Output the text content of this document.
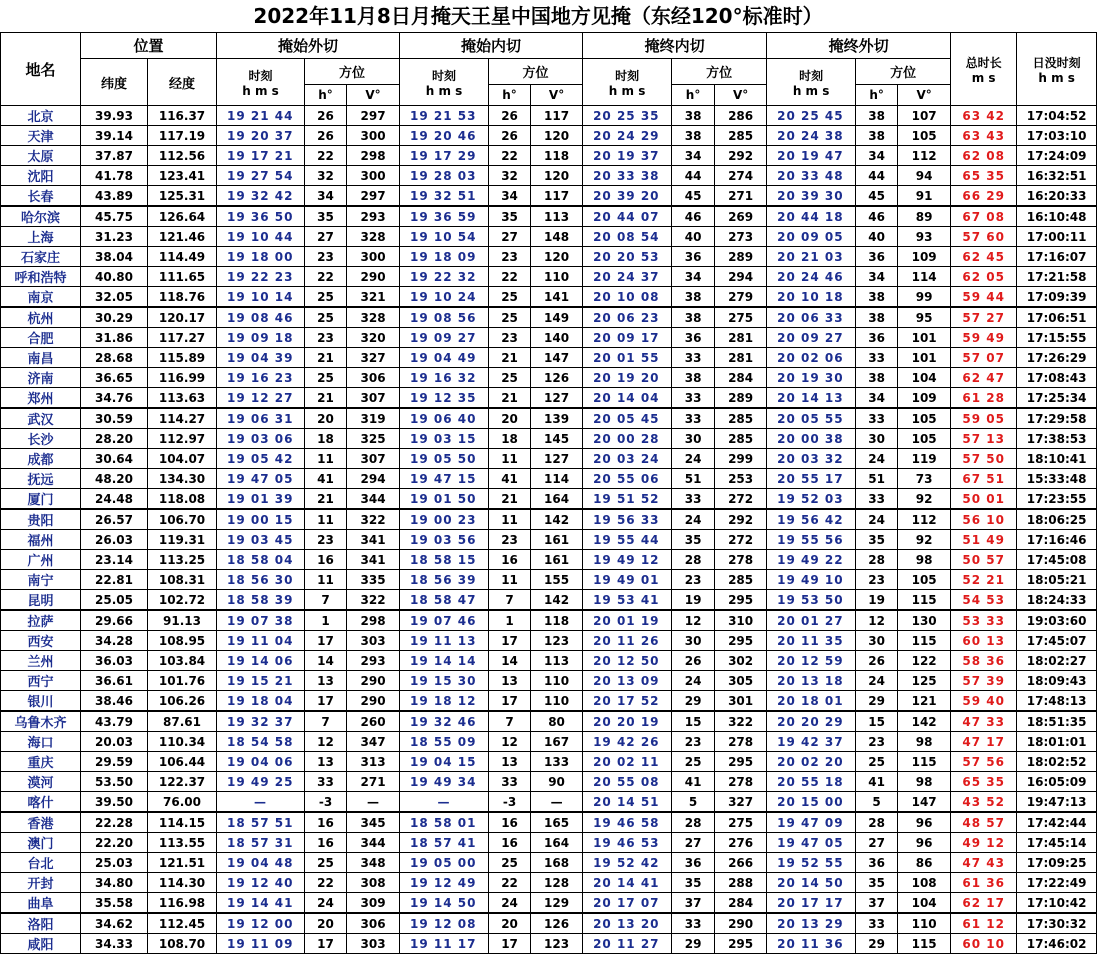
2022年11月8日月掩天王星中国地方见掩（东经120°标准时）
地名	位置		掩始外切			掩始内切			掩终内切			掩终外切			总时长
m s	日没时刻
h m s

	纬度	经度	时刻
h m s	方位		时刻
h m s	方位		时刻
h m s	方位		时刻
h m s	方位			
				h°	V°		h°	V°		h°	V°		h°	V°		
北京	39.93	116.37	19 21 44	26	297	19 21 53	26	117	20 25 35	38	286	20 25 45	38	107	63 42	17:04:52
天津	39.14	117.19	19 20 37	26	300	19 20 46	26	120	20 24 29	38	285	20 24 38	38	105	63 43	17:03:10
太原	37.87	112.56	19 17 21	22	298	19 17 29	22	118	20 19 37	34	292	20 19 47	34	112	62 08	17:24:09
沈阳	41.78	123.41	19 27 54	32	300	19 28 03	32	120	20 33 38	44	274	20 33 48	44	94	65 35	16:32:51
长春	43.89	125.31	19 32 42	34	297	19 32 51	34	117	20 39 20	45	271	20 39 30	45	91	66 29	16:20:33
哈尔滨	45.75	126.64	19 36 50	35	293	19 36 59	35	113	20 44 07	46	269	20 44 18	46	89	67 08	16:10:48
上海	31.23	121.46	19 10 44	27	328	19 10 54	27	148	20 08 54	40	273	20 09 05	40	93	57 60	17:00:11
石家庄	38.04	114.49	19 18 00	23	300	19 18 09	23	120	20 20 53	36	289	20 21 03	36	109	62 45	17:16:07
呼和浩特	40.80	111.65	19 22 23	22	290	19 22 32	22	110	20 24 37	34	294	20 24 46	34	114	62 05	17:21:58
南京	32.05	118.76	19 10 14	25	321	19 10 24	25	141	20 10 08	38	279	20 10 18	38	99	59 44	17:09:39
杭州	30.29	120.17	19 08 46	25	328	19 08 56	25	149	20 06 23	38	275	20 06 33	38	95	57 27	17:06:51
合肥	31.86	117.27	19 09 18	23	320	19 09 27	23	140	20 09 17	36	281	20 09 27	36	101	59 49	17:15:55
南昌	28.68	115.89	19 04 39	21	327	19 04 49	21	147	20 01 55	33	281	20 02 06	33	101	57 07	17:26:29
济南	36.65	116.99	19 16 23	25	306	19 16 32	25	126	20 19 20	38	284	20 19 30	38	104	62 47	17:08:43
郑州	34.76	113.63	19 12 27	21	307	19 12 35	21	127	20 14 04	33	289	20 14 13	34	109	61 28	17:25:34
武汉	30.59	114.27	19 06 31	20	319	19 06 40	20	139	20 05 45	33	285	20 05 55	33	105	59 05	17:29:58
长沙	28.20	112.97	19 03 06	18	325	19 03 15	18	145	20 00 28	30	285	20 00 38	30	105	57 13	17:38:53
成都	30.64	104.07	19 05 42	11	307	19 05 50	11	127	20 03 24	24	299	20 03 32	24	119	57 50	18:10:41
抚远	48.20	134.30	19 47 05	41	294	19 47 15	41	114	20 55 06	51	253	20 55 17	51	73	67 51	15:33:48
厦门	24.48	118.08	19 01 39	21	344	19 01 50	21	164	19 51 52	33	272	19 52 03	33	92	50 01	17:23:55
贵阳	26.57	106.70	19 00 15	11	322	19 00 23	11	142	19 56 33	24	292	19 56 42	24	112	56 10	18:06:25
福州	26.03	119.31	19 03 45	23	341	19 03 56	23	161	19 55 44	35	272	19 55 56	35	92	51 49	17:16:46
广州	23.14	113.25	18 58 04	16	341	18 58 15	16	161	19 49 12	28	278	19 49 22	28	98	50 57	17:45:08
南宁	22.81	108.31	18 56 30	11	335	18 56 39	11	155	19 49 01	23	285	19 49 10	23	105	52 21	18:05:21
昆明	25.05	102.72	18 58 39	7	322	18 58 47	7	142	19 53 41	19	295	19 53 50	19	115	54 53	18:24:33
拉萨	29.66	91.13	19 07 38	1	298	19 07 46	1	118	20 01 19	12	310	20 01 27	12	130	53 33	19:03:60
西安	34.28	108.95	19 11 04	17	303	19 11 13	17	123	20 11 26	30	295	20 11 35	30	115	60 13	17:45:07
兰州	36.03	103.84	19 14 06	14	293	19 14 14	14	113	20 12 50	26	302	20 12 59	26	122	58 36	18:02:27
西宁	36.61	101.76	19 15 21	13	290	19 15 30	13	110	20 13 09	24	305	20 13 18	24	125	57 39	18:09:43
银川	38.46	106.26	19 18 04	17	290	19 18 12	17	110	20 17 52	29	301	20 18 01	29	121	59 40	17:48:13
乌鲁木齐	43.79	87.61	19 32 37	7	260	19 32 46	7	80	20 20 19	15	322	20 20 29	15	142	47 33	18:51:35
海口	20.03	110.34	18 54 58	12	347	18 55 09	12	167	19 42 26	23	278	19 42 37	23	98	47 17	18:01:01
重庆	29.59	106.44	19 04 06	13	313	19 04 15	13	133	20 02 11	25	295	20 02 20	25	115	57 56	18:02:52
漠河	53.50	122.37	19 49 25	33	271	19 49 34	33	90	20 55 08	41	278	20 55 18	41	98	65 35	16:05:09
喀什	39.50	76.00	—	-3	—	—	-3	—	20 14 51	5	327	20 15 00	5	147	43 52	19:47:13
香港	22.28	114.15	18 57 51	16	345	18 58 01	16	165	19 46 58	28	275	19 47 09	28	96	48 57	17:42:44
澳门	22.20	113.55	18 57 31	16	344	18 57 41	16	164	19 46 53	27	276	19 47 05	27	96	49 12	17:45:14
台北	25.03	121.51	19 04 48	25	348	19 05 00	25	168	19 52 42	36	266	19 52 55	36	86	47 43	17:09:25
开封	34.80	114.30	19 12 40	22	308	19 12 49	22	128	20 14 41	35	288	20 14 50	35	108	61 36	17:22:49
曲阜	35.58	116.98	19 14 41	24	309	19 14 50	24	129	20 17 07	37	284	20 17 17	37	104	62 17	17:10:42
洛阳	34.62	112.45	19 12 00	20	306	19 12 08	20	126	20 13 20	33	290	20 13 29	33	110	61 12	17:30:32
咸阳	34.33	108.70	19 11 09	17	303	19 11 17	17	123	20 11 27	29	295	20 11 36	29	115	60 10	17:46:02
